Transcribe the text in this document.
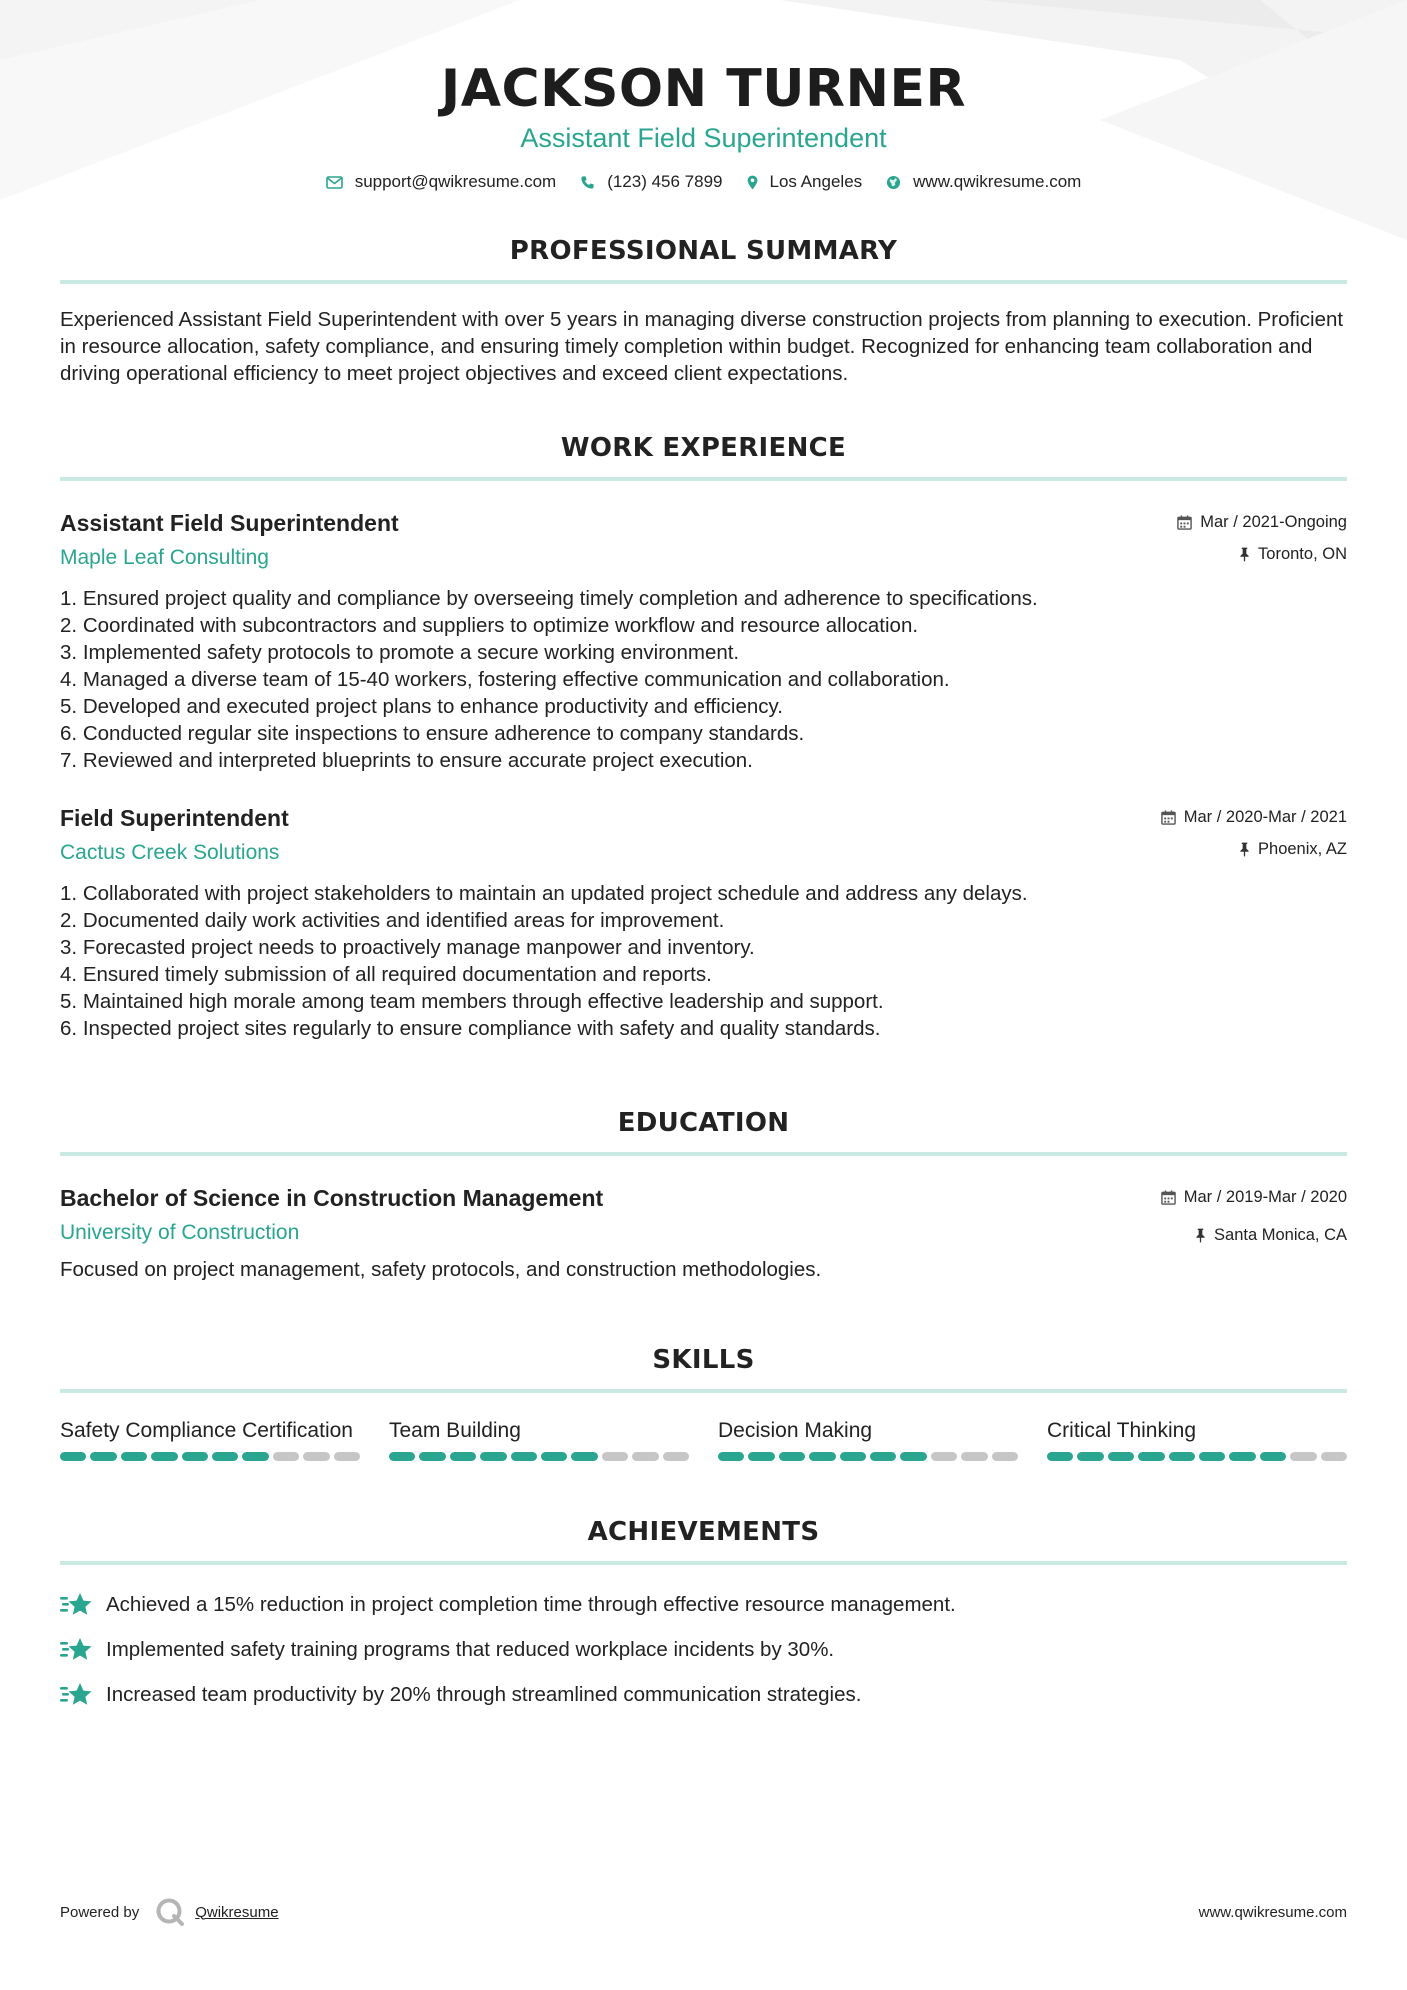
JACKSON TURNER
Assistant Field Superintendent
support@qwikresume.com	(123) 456 7899	Los Angeles	www.qwikresume.com
PROFESSIONAL SUMMARY
Experienced Assistant Field Superintendent with over 5 years in managing diverse construction projects from planning to execution. Proficient in resource allocation, safety compliance, and ensuring timely completion within budget. Recognized for enhancing team collaboration and driving operational efficiency to meet project objectives and exceed client expectations.
WORK EXPERIENCE
Assistant Field Superintendent
Maple Leaf Consulting
Mar / 2021-Ongoing
Toronto, ON
Ensured project quality and compliance by overseeing timely completion and adherence to specifications.
Coordinated with subcontractors and suppliers to optimize workflow and resource allocation.
Implemented safety protocols to promote a secure working environment.
Managed a diverse team of 15-40 workers, fostering effective communication and collaboration.
Developed and executed project plans to enhance productivity and efficiency.
Conducted regular site inspections to ensure adherence to company standards.
Reviewed and interpreted blueprints to ensure accurate project execution.
Field Superintendent
Cactus Creek Solutions
Mar / 2020-Mar / 2021
Phoenix, AZ
Collaborated with project stakeholders to maintain an updated project schedule and address any delays.
Documented daily work activities and identified areas for improvement.
Forecasted project needs to proactively manage manpower and inventory.
Ensured timely submission of all required documentation and reports.
Maintained high morale among team members through effective leadership and support.
Inspected project sites regularly to ensure compliance with safety and quality standards.
EDUCATION
Bachelor of Science in Construction Management
University of Construction
Mar / 2019-Mar / 2020
Santa Monica, CA
Focused on project management, safety protocols, and construction methodologies.
SKILLS
Safety Compliance Certification	Team Building	Decision Making	Critical Thinking
ACHIEVEMENTS
Achieved a 15% reduction in project completion time through effective resource management.
Implemented safety training programs that reduced workplace incidents by 30%.
Increased team productivity by 20% through streamlined communication strategies.
Powered by	Qwikresume	www.qwikresume.com
